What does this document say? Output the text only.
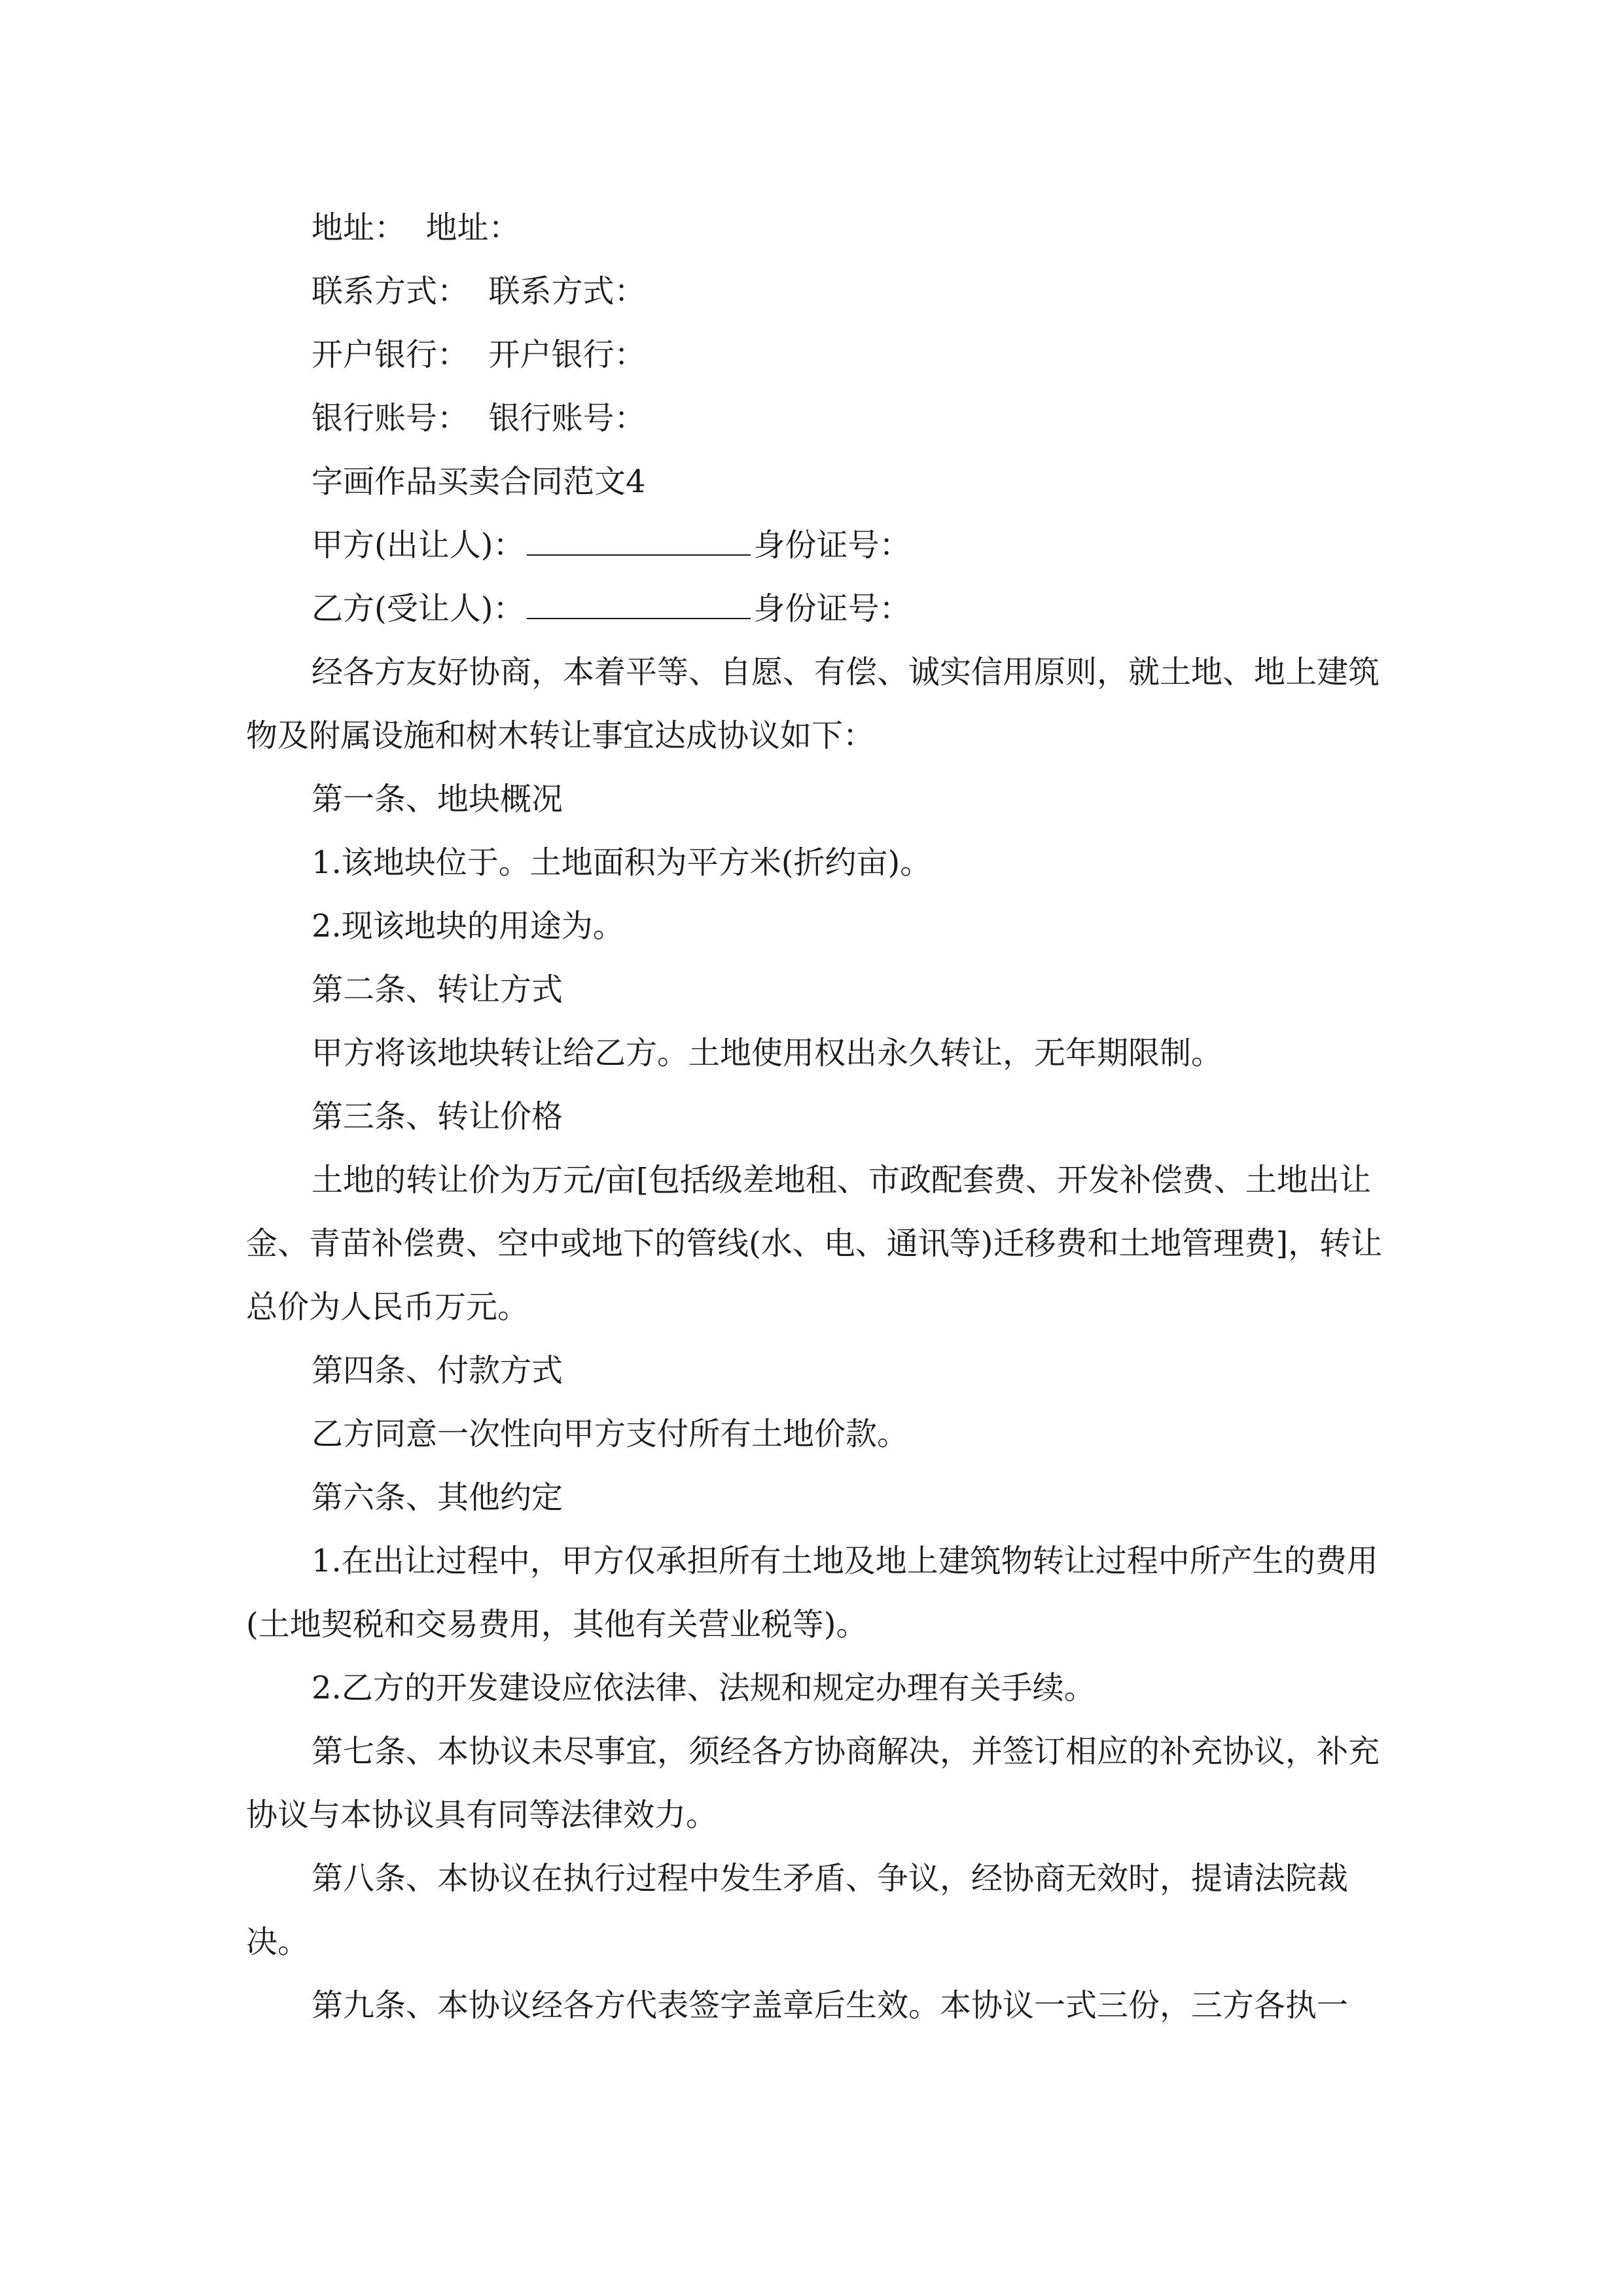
地址： 地址：

联系方式： 联系方式：

开户银行： 开户银行：

银行账号： 银行账号：

字画作品买卖合同范文4

甲方(出让人)：	身份证号：

乙方(受让人)：	身份证号：

经各方友好协商，本着平等、自愿、有偿、诚实信用原则，就土地、地上建筑物及附属设施和树木转让事宜达成协议如下：

第一条、地块概况

1.该地块位于。土地面积为平方米(折约亩)。

2.现该地块的用途为。

第二条、转让方式

甲方将该地块转让给乙方。土地使用权出永久转让，无年期限制。

第三条、转让价格

土地的转让价为万元/亩[包括级差地租、市政配套费、开发补偿费、土地出让金、青苗补偿费、空中或地下的管线(水、电、通讯等)迁移费和土地管理费]，转让总价为人民币万元。

第四条、付款方式

乙方同意一次性向甲方支付所有土地价款。

第六条、其他约定

1.在出让过程中，甲方仅承担所有土地及地上建筑物转让过程中所产生的费用(土地契税和交易费用，其他有关营业税等)。

2.乙方的开发建设应依法律、法规和规定办理有关手续。

第七条、本协议未尽事宜，须经各方协商解决，并签订相应的补充协议，补充协议与本协议具有同等法律效力。

第八条、本协议在执行过程中发生矛盾、争议，经协商无效时，提请法院裁决。

第九条、本协议经各方代表签字盖章后生效。本协议一式三份，三方各执一
